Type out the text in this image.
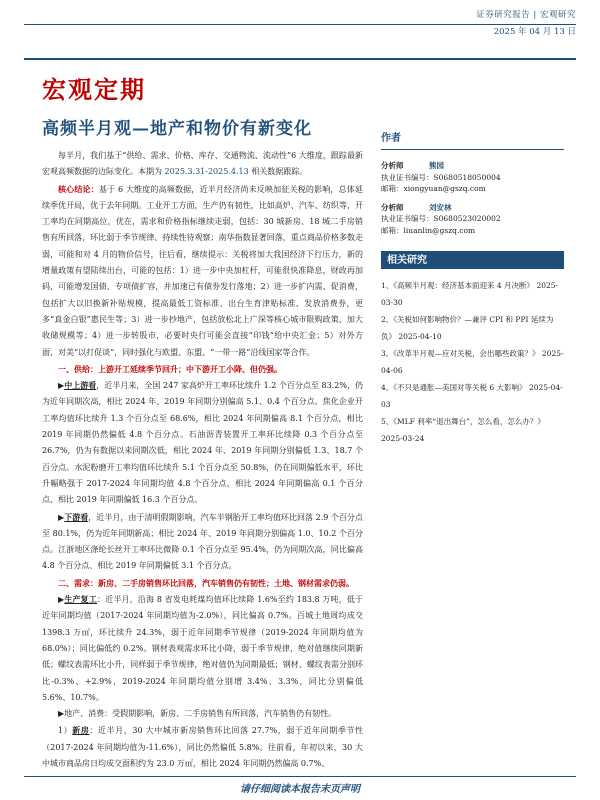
证券研究报告 | 宏观研究
2025 年 04 月 13 日
宏观定期
高频半月观—地产和物价有新变化

每半月，我们基于“供给、需求、价格、库存、交通物流、流动性”6 大维度，跟踪最新宏观高频数据的边际变化。本期为 2025.3.31-2025.4.13 相关数据跟踪。

核心结论：基于 6 大维度的高频数据，近半月经济尚未反映加征关税的影响，总体延续季优开局，优于去年同期。工业开工方面，生产仍有韧性，比如高炉、汽车、纺织等，开工率均在同期高位，优在，需求和价格指标继续走弱，包括：30 城新房、18 城二手房销售有所回落，环比弱于季节规律、持续性待观察；南华指数显著回落，重点商品价格多数走弱，可能和对 4 月的物价信号，往后看，继续提示：关税将加大我国经济下行压力，新的增量政策有望陆续出台，可能的包括：1）进一步中央加杠杆，可能很快准降息，财政再加码，可能增发国债、专项债扩容，并加速已有债券发行落地；2）进一步扩内需、促消费，包括扩大以旧换新补贴规模，提高最低工资标准、出台生育津贴标准、发放消费券，更多“真金白银”惠民生等；3）进一步抄地产，包括放松北上广深等核心城市限购政策、加大收储规模等；4）进一步转股市，必要时央行可能会直接“印钱”给中央汇金；5）对外方面，对美“以打促谈”，同时强化与欧盟、东盟、“一带一路”沿线国家等合作。

一、供给：上游开工延续季节回升；中下游开工小降、但仍强。

▶中上游看，近半月来，全国 247 家高炉开工率环比续升 1.2 个百分点至 83.2%，仍为近年同期次高，相比 2024 年、2019 年同期分别偏高 5.1、0.4 个百分点。焦化企业开工率均值环比续升 1.3 个百分点至 68.6%，相比 2024 年同期偏高 8.1 个百分点，相比 2019 年同期仍然偏低 4.8 个百分点。石油沥青装置开工率环比续降 0.3 个百分点至 26.7%，仍为有数据以来同期次低，相比 2024 年、2019 年同期分别偏低 1.3、18.7 个百分点。水泥粉磨开工率均值环比续升 5.1 个百分点至 50.8%，仍在同期偏低水平，环比升幅略强于 2017-2024 年同期均值 4.8 个百分点，相比 2024 年同期偏高 0.1 个百分点、相比 2019 年同期偏低 16.3 个百分点。

▶下游看，近半月，由于清明假期影响，汽车半钢胎开工率均值环比回落 2.9 个百分点至 80.1%，仍为近年同期新高；相比 2024 年、2019 年同期分别偏高 1.0、10.2 个百分点。江浙地区涤纶长丝开工率环比微降 0.1 个百分点至 95.4%，仍为同期次高，同比偏高 4.8 个百分点、相比 2019 年同期偏低 3.1 个百分点。

二、需求：新房、二手房销售环比回落，汽车销售仍有韧性；土地、钢材需求仍弱。

▶生产复工：近半月，沿海 8 省发电耗煤均值环比续降 1.6%至约 183.8 万吨，低于近年同期均值（2017-2024 年同期均值为-2.0%），同比偏高 0.7%。百城土地周均成交 1398.3 万㎡，环比续升 24.3%，弱于近年同期季节规律（2019-2024 年同期均值为 68.0%）；同比偏低约 0.2%。钢材表观需求环比小降，弱于季节规律，绝对值继续同期新低；螺纹表需环比小升，同样弱于季节规律，绝对值仍为同期最低；钢材、螺纹表需分别环比-0.3%、+2.9%，2019-2024 年同期均值分别增 3.4%、3.3%，同比分别偏低 5.6%、10.7%。

▶地产、消费：受假期影响，新房、二手房销售有所回落，汽车销售仍有韧性。

1）新房：近半月，30 大中城市新房销售环比回落 27.7%，弱于近年同期季节性（2017-2024 年同期均值为-11.6%），同比仍然偏低 5.8%。往前看，年初以来，30 大中城市商品房日均成交面积约为 23.0 万㎡，相比 2024 年同期仍然偏高 0.7%、

作者
分析师	熊园
执业证书编号：S0680518050004
邮箱：xiongyuan@gszq.com
分析师	刘安林
执业证书编号：S0680523020002
邮箱：liuanlin@gszq.com
相关研究
1、《高频半月观：经济基本面迎来 4 月决断》 2025-03-30
2、《关税如何影响物价？—兼评 CPI 和 PPI 延续为负》 2025-04-10
3、《改革半月观—应对关税，会出哪些政策？》 2025-04-06
4、《不只是通胀—美国对等关税 6 大影响》 2025-04-03
5、《MLF 利率“退出舞台”，怎么看，怎么办？》 2025-03-24
请仔细阅读本报告末页声明
